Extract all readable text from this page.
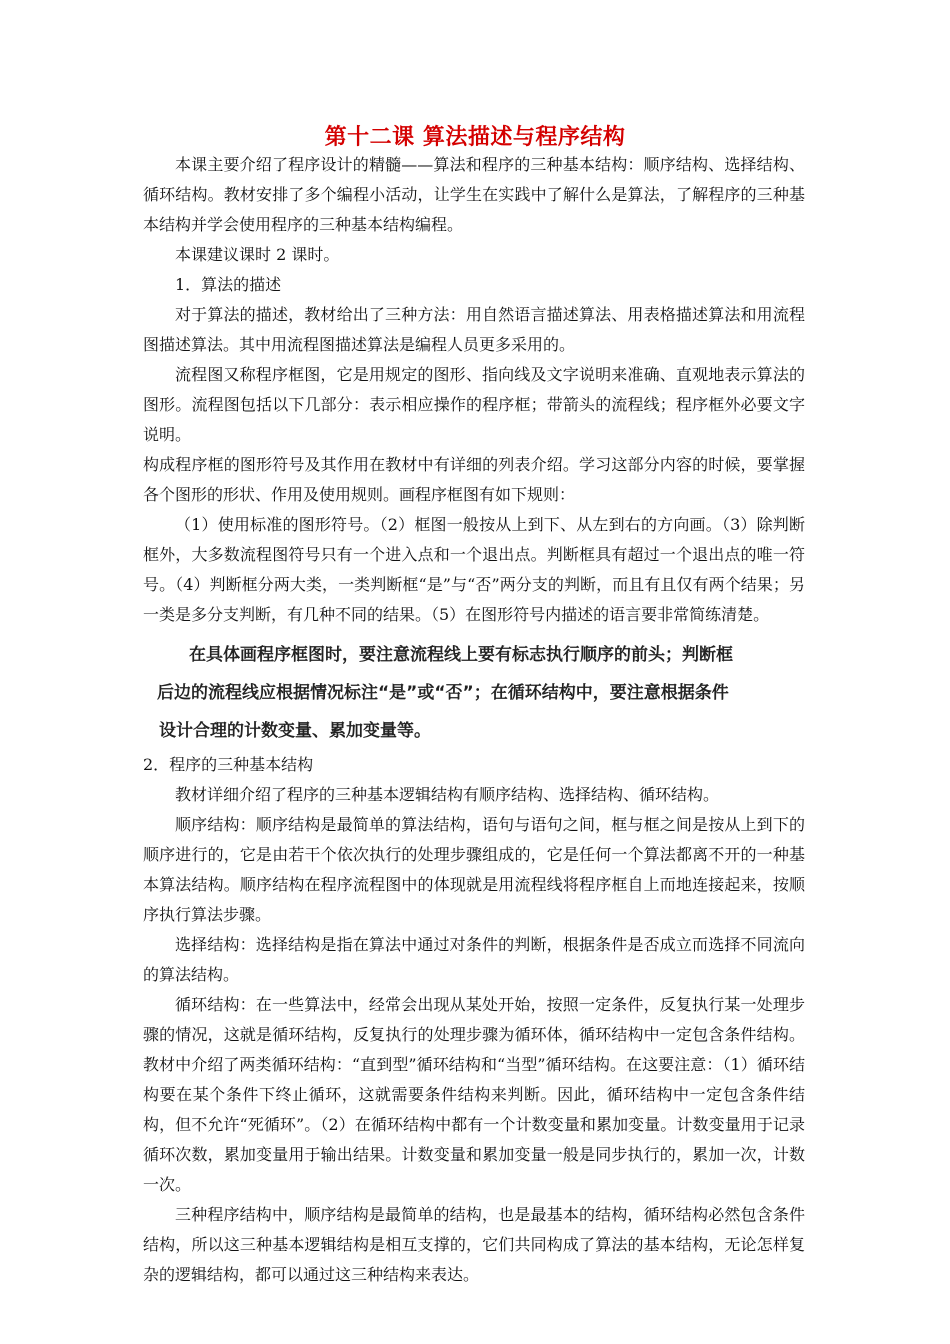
第十二课 算法描述与程序结构

本课主要介绍了程序设计的精髓——算法和程序的三种基本结构：顺序结构、选择结构、循环结构。教材安排了多个编程小活动，让学生在实践中了解什么是算法，了解程序的三种基本结构并学会使用程序的三种基本结构编程。

本课建议课时 2 课时。

1．算法的描述

对于算法的描述，教材给出了三种方法：用自然语言描述算法、用表格描述算法和用流程图描述算法。其中用流程图描述算法是编程人员更多采用的。

流程图又称程序框图，它是用规定的图形、指向线及文字说明来准确、直观地表示算法的图形。流程图包括以下几部分：表示相应操作的程序框；带箭头的流程线；程序框外必要文字说明。

构成程序框的图形符号及其作用在教材中有详细的列表介绍。学习这部分内容的时候，要掌握各个图形的形状、作用及使用规则。画程序框图有如下规则：

（1）使用标准的图形符号。（2）框图一般按从上到下、从左到右的方向画。（3）除判断框外，大多数流程图符号只有一个进入点和一个退出点。判断框具有超过一个退出点的唯一符号。（4）判断框分两大类，一类判断框“是”与“否”两分支的判断，而且有且仅有两个结果；另一类是多分支判断，有几种不同的结果。（5）在图形符号内描述的语言要非常简练清楚。

在具体画程序框图时，要注意流程线上要有标志执行顺序的前头；判断框
后边的流程线应根据情况标注“是”或“否”；在循环结构中，要注意根据条件
设计合理的计数变量、累加变量等。

2．程序的三种基本结构

教材详细介绍了程序的三种基本逻辑结构有顺序结构、选择结构、循环结构。

顺序结构：顺序结构是最简单的算法结构，语句与语句之间，框与框之间是按从上到下的顺序进行的，它是由若干个依次执行的处理步骤组成的，它是任何一个算法都离不开的一种基本算法结构。顺序结构在程序流程图中的体现就是用流程线将程序框自上而地连接起来，按顺序执行算法步骤。

选择结构：选择结构是指在算法中通过对条件的判断，根据条件是否成立而选择不同流向的算法结构。

循环结构：在一些算法中，经常会出现从某处开始，按照一定条件，反复执行某一处理步骤的情况，这就是循环结构，反复执行的处理步骤为循环体，循环结构中一定包含条件结构。教材中介绍了两类循环结构：“直到型”循环结构和“当型”循环结构。在这要注意：（1）循环结构要在某个条件下终止循环，这就需要条件结构来判断。因此，循环结构中一定包含条件结构，但不允许“死循环”。（2）在循环结构中都有一个计数变量和累加变量。计数变量用于记录循环次数，累加变量用于输出结果。计数变量和累加变量一般是同步执行的，累加一次，计数一次。

三种程序结构中，顺序结构是最简单的结构，也是最基本的结构，循环结构必然包含条件结构，所以这三种基本逻辑结构是相互支撑的，它们共同构成了算法的基本结构，无论怎样复杂的逻辑结构，都可以通过这三种结构来表达。
